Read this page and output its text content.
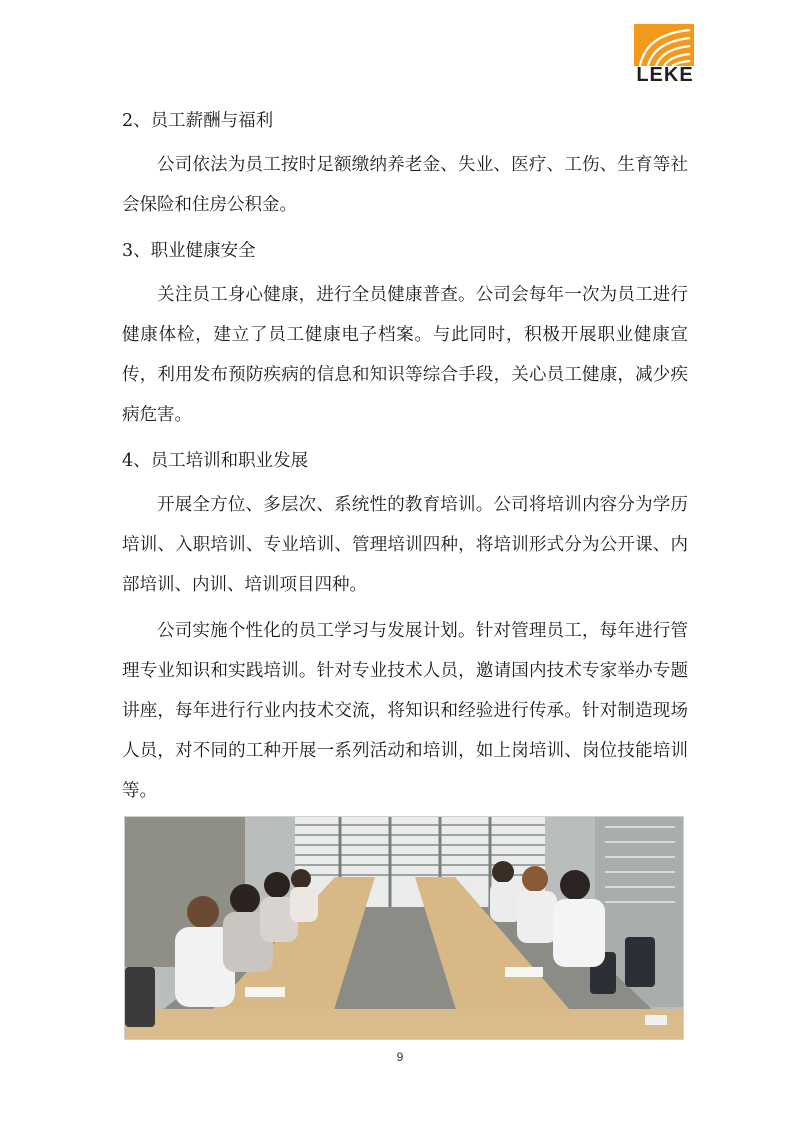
LEKE

2、员工薪酬与福利

公司依法为员工按时足额缴纳养老金、失业、医疗、工伤、生育等社会保险和住房公积金。

3、职业健康安全

关注员工身心健康，进行全员健康普查。公司会每年一次为员工进行健康体检，建立了员工健康电子档案。与此同时，积极开展职业健康宣传，利用发布预防疾病的信息和知识等综合手段，关心员工健康，减少疾病危害。

4、员工培训和职业发展

开展全方位、多层次、系统性的教育培训。公司将培训内容分为学历培训、入职培训、专业培训、管理培训四种，将培训形式分为公开课、内部培训、内训、培训项目四种。

公司实施个性化的员工学习与发展计划。针对管理员工，每年进行管理专业知识和实践培训。针对专业技术人员，邀请国内技术专家举办专题讲座，每年进行行业内技术交流，将知识和经验进行传承。针对制造现场人员，对不同的工种开展一系列活动和培训，如上岗培训、岗位技能培训等。

9
